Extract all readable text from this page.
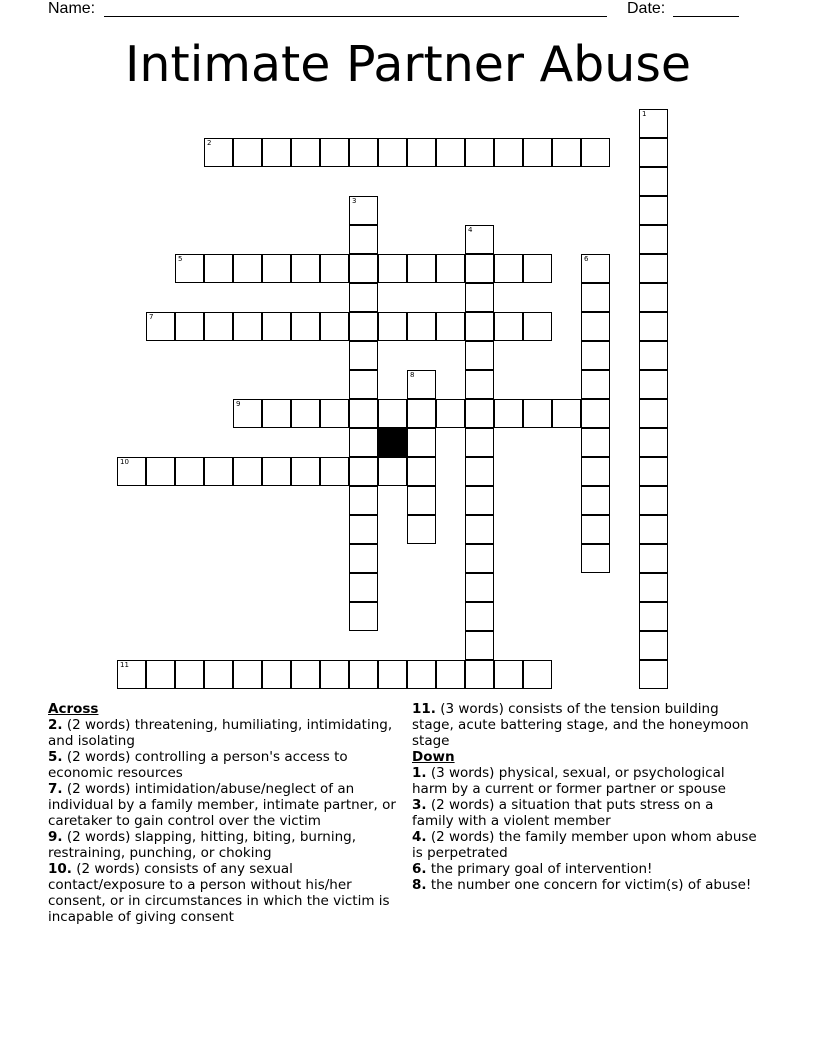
Name:	Date:
Intimate Partner Abuse
1
2
3
4
5	6
7
8
9
10
11
Across
2. (2 words) threatening, humiliating, intimidating, and isolating
5. (2 words) controlling a person's access to economic resources
7. (2 words) intimidation/abuse/neglect of an individual by a family member, intimate partner, or caretaker to gain control over the victim
9. (2 words) slapping, hitting, biting, burning, restraining, punching, or choking
10. (2 words) consists of any sexual contact/exposure to a person without his/her consent, or in circumstances in which the victim is incapable of giving consent
11. (3 words) consists of the tension building stage, acute battering stage, and the honeymoon stage
Down
1. (3 words) physical, sexual, or psychological harm by a current or former partner or spouse
3. (2 words) a situation that puts stress on a family with a violent member
4. (2 words) the family member upon whom abuse is perpetrated
6. the primary goal of intervention!
8. the number one concern for victim(s) of abuse!
